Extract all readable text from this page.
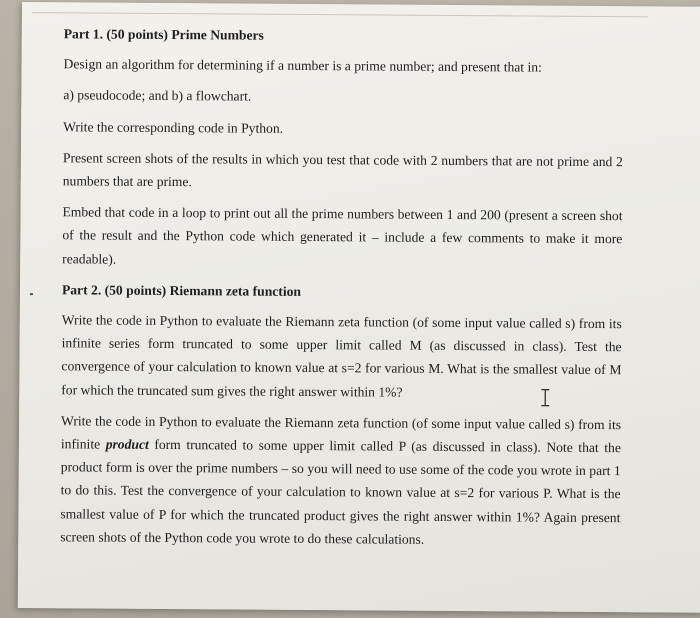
Part 1. (50 points) Prime Numbers

Design an algorithm for determining if a number is a prime number; and present that in:

a) pseudocode; and b) a flowchart.

Write the corresponding code in Python.

Present screen shots of the results in which you test that code with 2 numbers that are not prime and 2 numbers that are prime.

Embed that code in a loop to print out all the prime numbers between 1 and 200 (present a screen shot of the result and the Python code which generated it – include a few comments to make it more readable).

Part 2. (50 points) Riemann zeta function

Write the code in Python to evaluate the Riemann zeta function (of some input value called s) from its infinite series form truncated to some upper limit called M (as discussed in class). Test the convergence of your calculation to known value at s=2 for various M. What is the smallest value of M for which the truncated sum gives the right answer within 1%?

Write the code in Python to evaluate the Riemann zeta function (of some input value called s) from its infinite product form truncated to some upper limit called P (as discussed in class). Note that the product form is over the prime numbers – so you will need to use some of the code you wrote in part 1 to do this. Test the convergence of your calculation to known value at s=2 for various P. What is the smallest value of P for which the truncated product gives the right answer within 1%? Again present screen shots of the Python code you wrote to do these calculations.
